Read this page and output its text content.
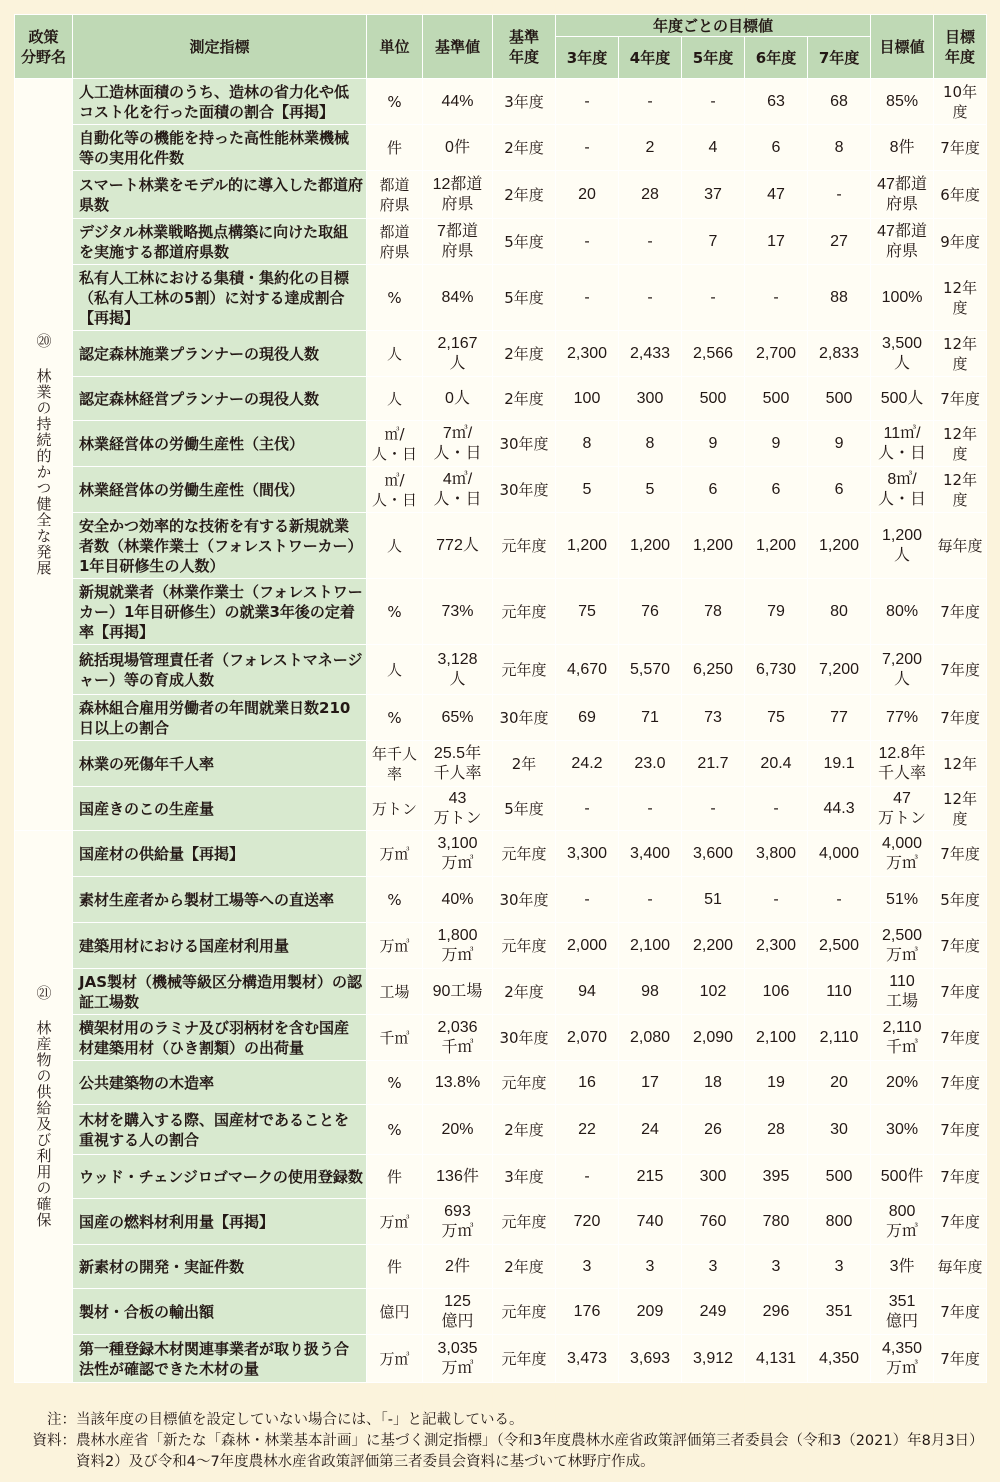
政策
分野名	測定指標	単位	基準値	基準
年度	年度ごとの目標値					目標値	目標
年度
					3年度	4年度	5年度	6年度	7年度		

⑳ 林業の持続的かつ健全な発展	人工造林面積のうち、造林の省力化や低コスト化を行った面積の割合【再掲】	%	44%	3年度	-	-	-	63	68	85%	10年度
	自動化等の機能を持った高性能林業機械等の実用化件数	件	0件	2年度	-	2	4	6	8	8件	7年度
	スマート林業をモデル的に導入した都道府県数	都道
府県	12都道
府県	2年度	20	28	37	47	-	47都道
府県	6年度
	デジタル林業戦略拠点構築に向けた取組を実施する都道府県数	都道
府県	7都道
府県	5年度	-	-	7	17	27	47都道
府県	9年度
	私有人工林における集積・集約化の目標（私有人工林の5割）に対する達成割合【再掲】	%	84%	5年度	-	-	-	-	88	100%	12年度
	認定森林施業プランナーの現役人数	人	2,167
人	2年度	2,300	2,433	2,566	2,700	2,833	3,500
人	12年度
	認定森林経営プランナーの現役人数	人	0人	2年度	100	300	500	500	500	500人	7年度
	林業経営体の労働生産性（主伐）	㎥/
人・日	7㎥/
人・日	30年度	8	8	9	9	9	11㎥/
人・日	12年度
	林業経営体の労働生産性（間伐）	㎥/
人・日	4㎥/
人・日	30年度	5	5	6	6	6	8㎥/
人・日	12年度
	安全かつ効率的な技術を有する新規就業者数（林業作業士（フォレストワーカー）1年目研修生の人数）	人	772人	元年度	1,200	1,200	1,200	1,200	1,200	1,200
人	毎年度
	新規就業者（林業作業士（フォレストワーカー）1年目研修生）の就業3年後の定着率【再掲】	%	73%	元年度	75	76	78	79	80	80%	7年度
	統括現場管理責任者（フォレストマネージャー）等の育成人数	人	3,128
人	元年度	4,670	5,570	6,250	6,730	7,200	7,200
人	7年度
	森林組合雇用労働者の年間就業日数210日以上の割合	%	65%	30年度	69	71	73	75	77	77%	7年度
	林業の死傷年千人率	年千人
率	25.5年
千人率	2年	24.2	23.0	21.7	20.4	19.1	12.8年
千人率	12年
	国産きのこの生産量	万トン	43
万トン	5年度	-	-	-	-	44.3	47
万トン	12年度

㉑ 林産物の供給及び利用の確保	国産材の供給量【再掲】	万㎥	3,100
万㎥	元年度	3,300	3,400	3,600	3,800	4,000	4,000
万㎥	7年度
	素材生産者から製材工場等への直送率	%	40%	30年度	-	-	51	-	-	51%	5年度
	建築用材における国産材利用量	万㎥	1,800
万㎥	元年度	2,000	2,100	2,200	2,300	2,500	2,500
万㎥	7年度
	JAS製材（機械等級区分構造用製材）の認証工場数	工場	90工場	2年度	94	98	102	106	110	110
工場	7年度
	横架材用のラミナ及び羽柄材を含む国産材建築用材（ひき割類）の出荷量	千㎥	2,036
千㎥	30年度	2,070	2,080	2,090	2,100	2,110	2,110
千㎥	7年度
	公共建築物の木造率	%	13.8%	元年度	16	17	18	19	20	20%	7年度
	木材を購入する際、国産材であることを重視する人の割合	%	20%	2年度	22	24	26	28	30	30%	7年度
	ウッド・チェンジロゴマークの使用登録数	件	136件	3年度	-	215	300	395	500	500件	7年度
	国産の燃料材利用量【再掲】	万㎥	693
万㎥	元年度	720	740	760	780	800	800
万㎥	7年度
	新素材の開発・実証件数	件	2件	2年度	3	3	3	3	3	3件	毎年度
	製材・合板の輸出額	億円	125
億円	元年度	176	209	249	296	351	351
億円	7年度
	第一種登録木材関連事業者が取り扱う合法性が確認できた木材の量	万㎥	3,035
万㎥	元年度	3,473	3,693	3,912	4,131	4,350	4,350
万㎥	7年度
注： 当該年度の目標値を設定していない場合には、「-」と記載している。
資料： 農林水産省「新たな「森林・林業基本計画」に基づく測定指標」（令和3年度農林水産省政策評価第三者委員会（令和3（2021）年8月3日）資料2）及び令和4～7年度農林水産省政策評価第三者委員会資料に基づいて林野庁作成。
